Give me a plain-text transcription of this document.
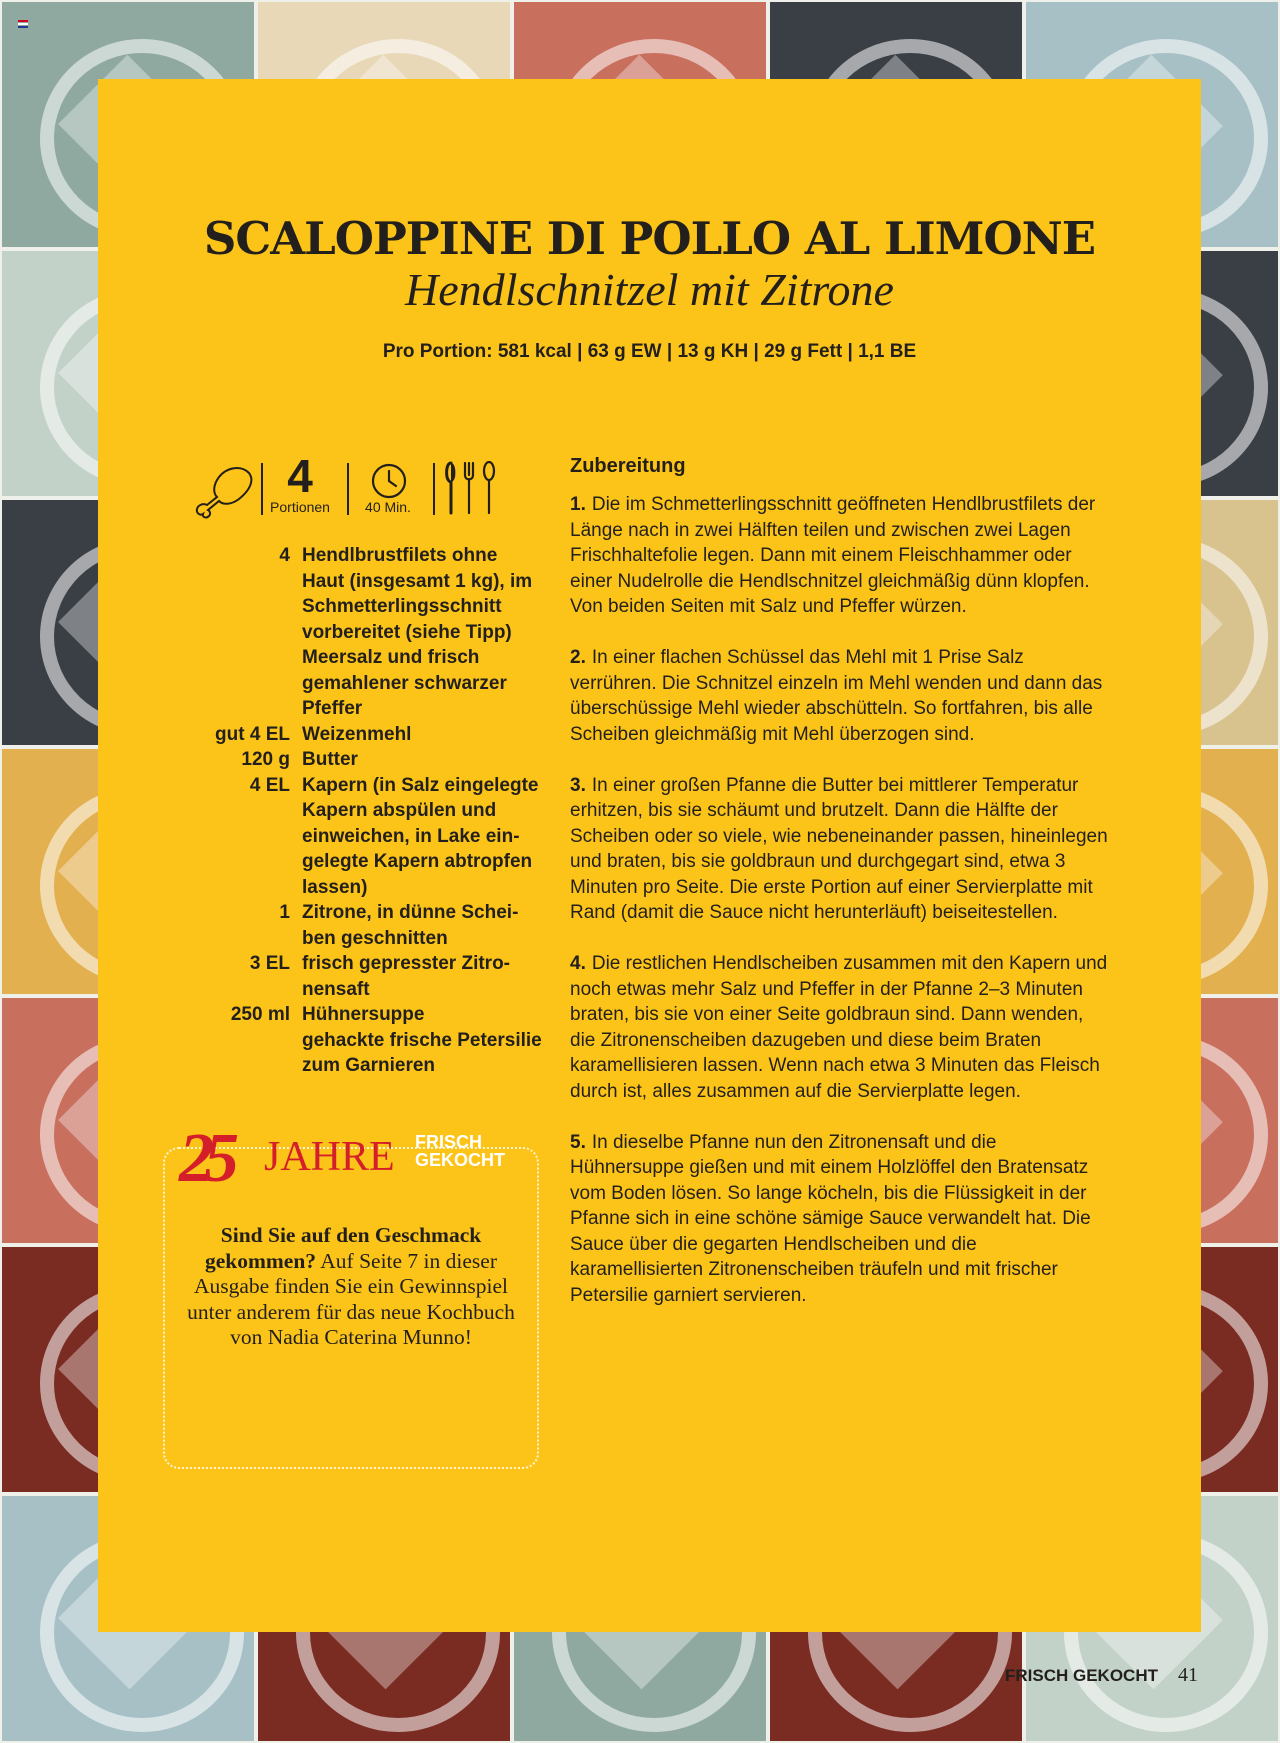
SCALOPPINE DI POLLO AL LIMONE
Hendlschnitzel mit Zitrone
Pro Portion: 581 kcal | 63 g EW | 13 g KH | 29 g Fett | 1,1 BE
4
Portionen	40 Min.
4 Hendlbrustfilets ohne Haut (insgesamt 1 kg), im Schmetterlingsschnitt vorbereitet (siehe Tipp)
Meersalz und frisch gemahlener schwarzer Pfeffer
gut 4 EL Weizenmehl
120 g Butter
4 EL Kapern (in Salz eingelegte Kapern abspülen und einweichen, in Lake eingelegte Kapern abtropfen lassen)
1 Zitrone, in dünne Scheiben geschnitten
3 EL frisch gepresster Zitronensaft
250 ml Hühnersuppe
gehackte frische Petersilie zum Garnieren
25 JAHRE FRISCH
GEKOCHT
Sind Sie auf den Geschmack gekommen? Auf Seite 7 in dieser Ausgabe finden Sie ein Gewinnspiel unter anderem für das neue Kochbuch von Nadia Caterina Munno!
Zubereitung
1. Die im Schmetterlingsschnitt geöffneten Hendlbrustfilets der Länge nach in zwei Hälften teilen und zwischen zwei Lagen Frischhaltefolie legen. Dann mit einem Fleischhammer oder einer Nudelrolle die Hendlschnitzel gleichmäßig dünn klopfen. Von beiden Seiten mit Salz und Pfeffer würzen.
2. In einer flachen Schüssel das Mehl mit 1 Prise Salz verrühren. Die Schnitzel einzeln im Mehl wenden und dann das überschüssige Mehl wieder abschütteln. So fortfahren, bis alle Scheiben gleichmäßig mit Mehl überzogen sind.
3. In einer großen Pfanne die Butter bei mittlerer Temperatur erhitzen, bis sie schäumt und brutzelt. Dann die Hälfte der Scheiben oder so viele, wie nebeneinander passen, hineinlegen und braten, bis sie goldbraun und durchgegart sind, etwa 3 Minuten pro Seite. Die erste Portion auf einer Servierplatte mit Rand (damit die Sauce nicht herunterläuft) beiseitestellen.
4. Die restlichen Hendlscheiben zusammen mit den Kapern und noch etwas mehr Salz und Pfeffer in der Pfanne 2–3 Minuten braten, bis sie von einer Seite goldbraun sind. Dann wenden, die Zitronenscheiben dazugeben und diese beim Braten karamellisieren lassen. Wenn nach etwa 3 Minuten das Fleisch durch ist, alles zusammen auf die Servierplatte legen.
5. In dieselbe Pfanne nun den Zitronensaft und die Hühnersuppe gießen und mit einem Holzlöffel den Bratensatz vom Boden lösen. So lange köcheln, bis die Flüssigkeit in der Pfanne sich in eine schöne sämige Sauce verwandelt hat. Die Sauce über die gegarten Hendlscheiben und die karamellisierten Zitronenscheiben träufeln und mit frischer Petersilie garniert servieren.
FRISCH GEKOCHT 41
